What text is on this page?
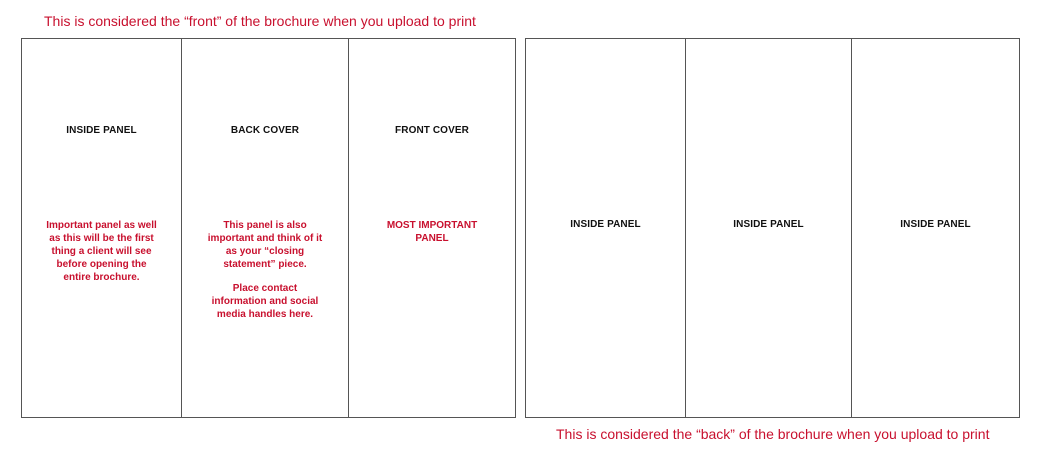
This is considered the “front” of the brochure when you upload to print
INSIDE PANEL
Important panel as well as this will be the first thing a client will see before opening the entire brochure.
BACK COVER
This panel is also important and think of it as your “closing statement” piece.
Place contact information and social media handles here.
FRONT COVER
MOST IMPORTANT PANEL
INSIDE PANEL	INSIDE PANEL	INSIDE PANEL
This is considered the “back” of the brochure when you upload to print
